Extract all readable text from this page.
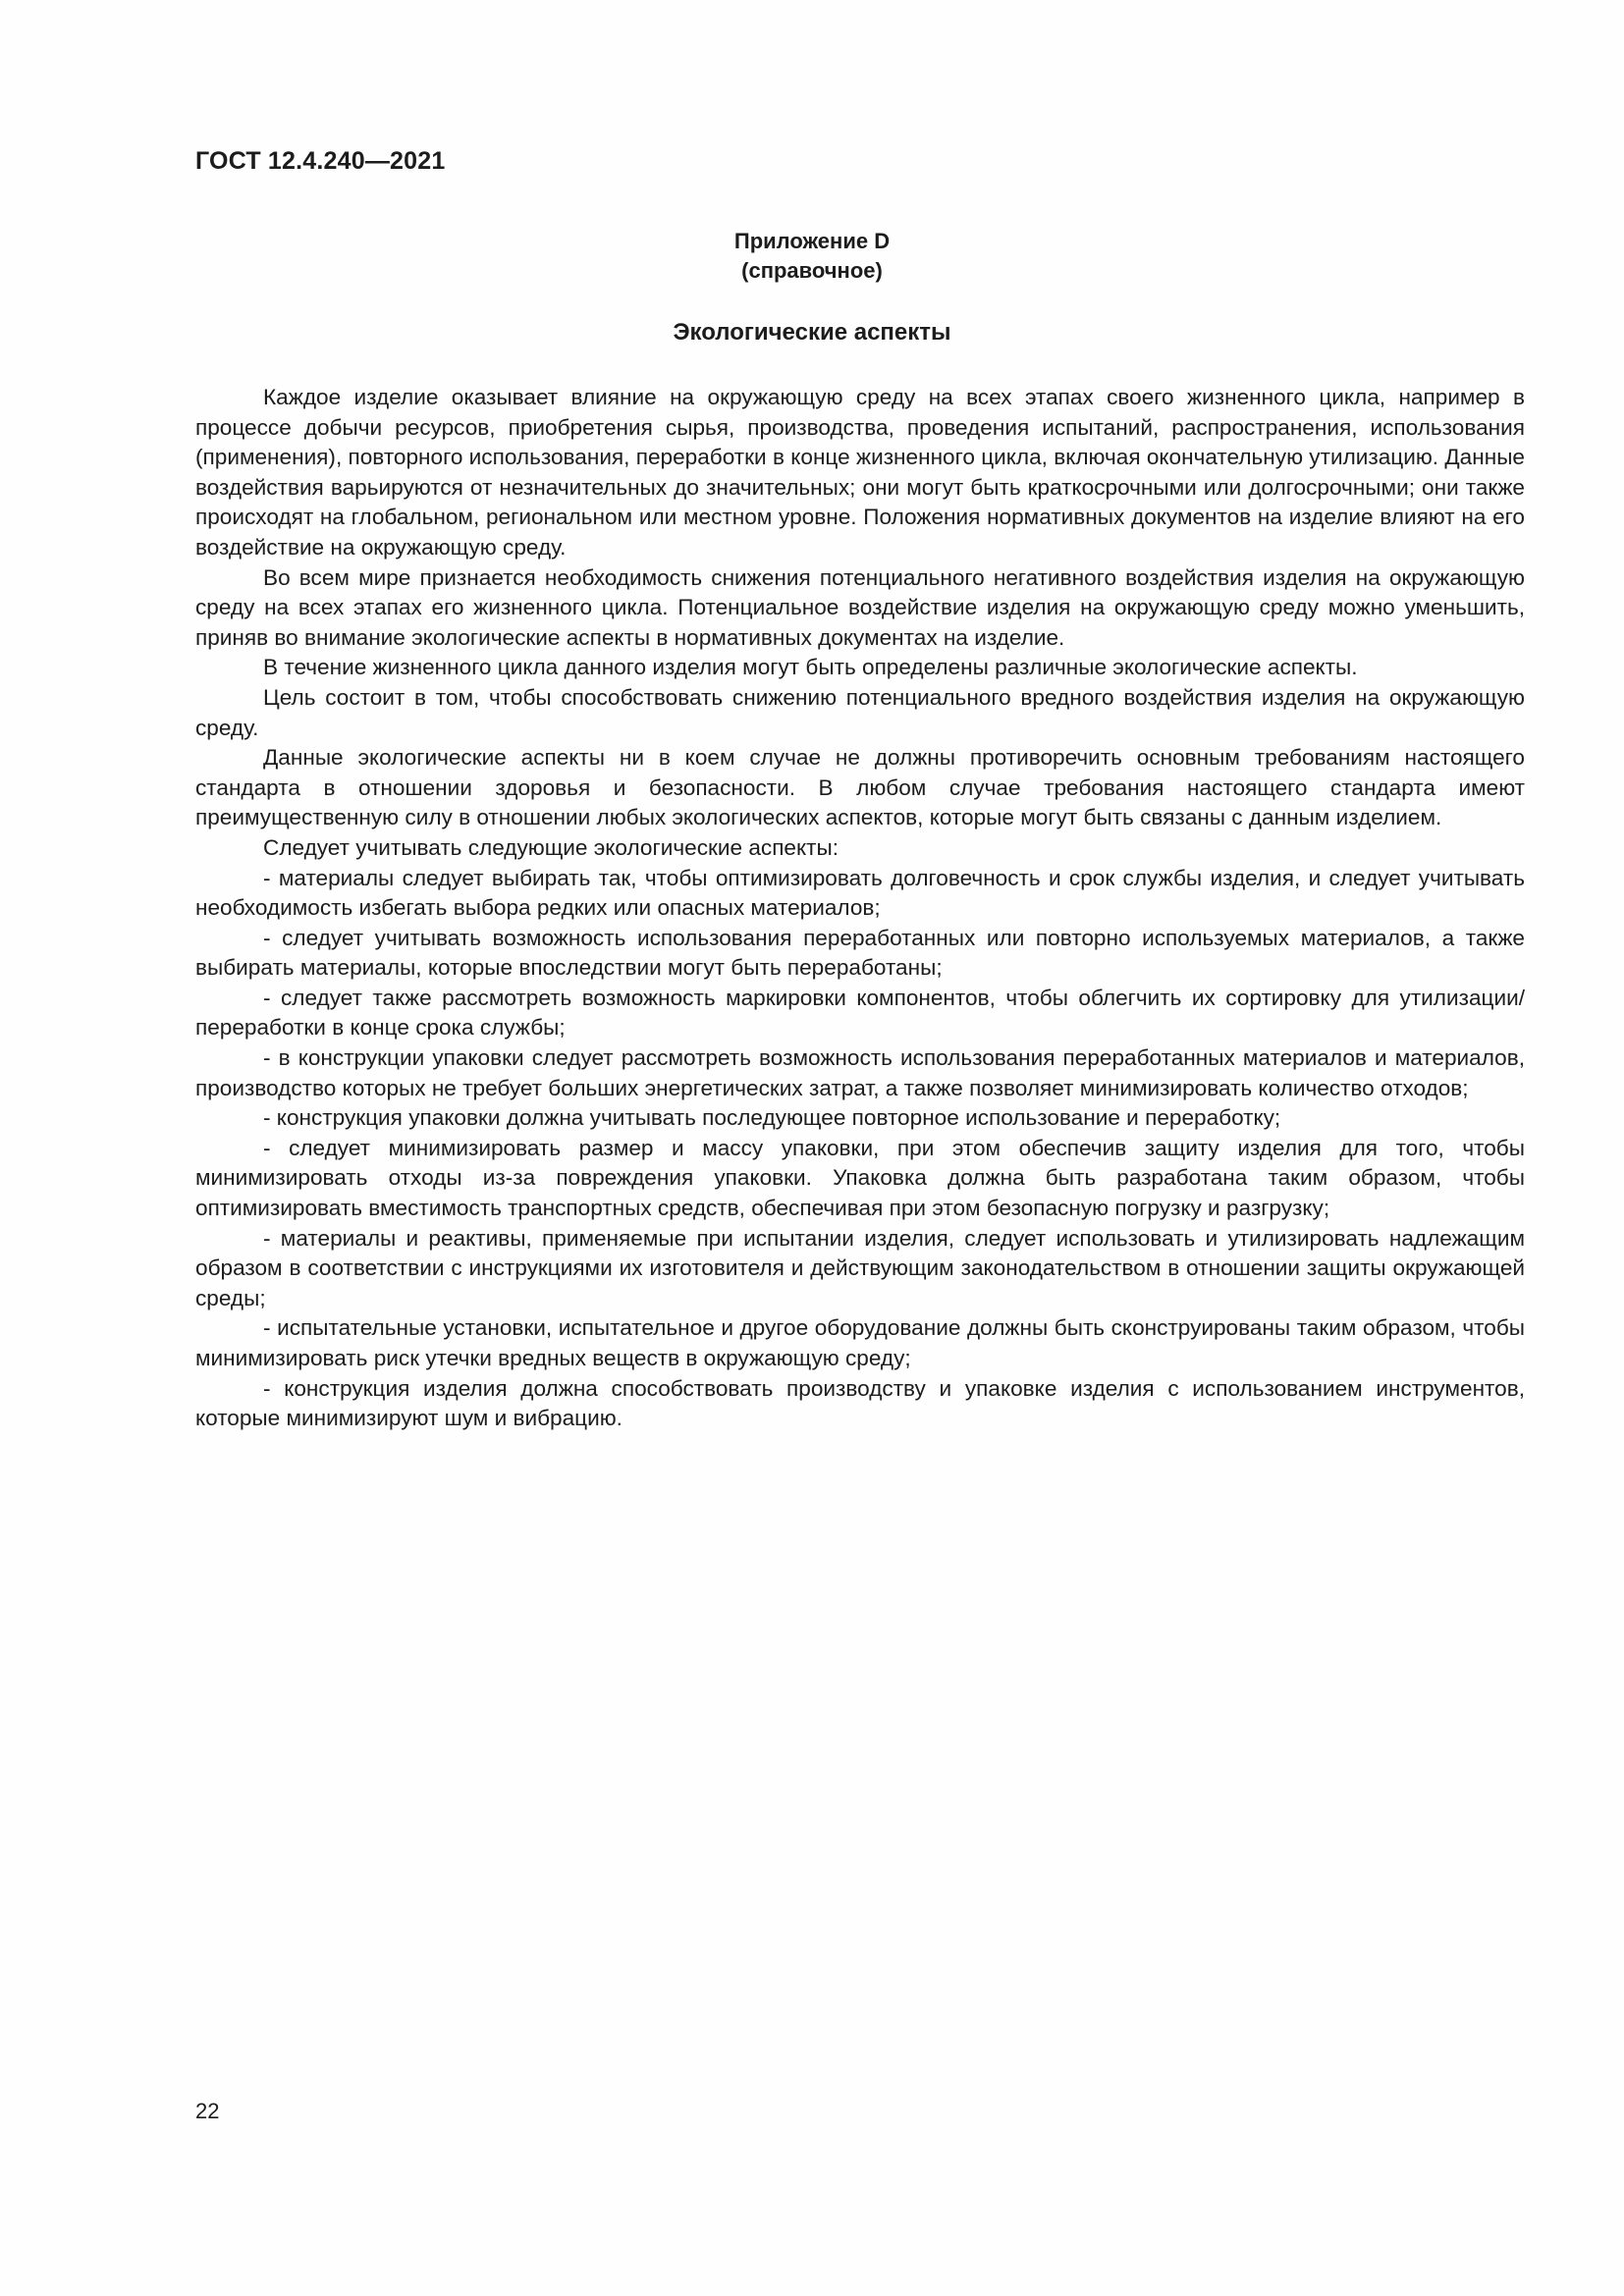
ГОСТ 12.4.240—2021
Приложение D
(справочное)
Экологические аспекты

Каждое изделие оказывает влияние на окружающую среду на всех этапах своего жизненного цикла, например в процессе добычи ресурсов, приобретения сырья, производства, проведения испытаний, распространения, использования (применения), повторного использования, переработки в конце жизненного цикла, включая окончательную утилизацию. Данные воздействия варьируются от незначительных до значительных; они могут быть краткосрочными или долгосрочными; они также происходят на глобальном, региональном или местном уровне. Положения нормативных документов на изделие влияют на его воздействие на окружающую среду.

Во всем мире признается необходимость снижения потенциального негативного воздействия изделия на окружающую среду на всех этапах его жизненного цикла. Потенциальное воздействие изделия на окружающую среду можно уменьшить, приняв во внимание экологические аспекты в нормативных документах на изделие.

В течение жизненного цикла данного изделия могут быть определены различные экологические аспекты.

Цель состоит в том, чтобы способствовать снижению потенциального вредного воздействия изделия на окружающую среду.

Данные экологические аспекты ни в коем случае не должны противоречить основным требованиям настоящего стандарта в отношении здоровья и безопасности. В любом случае требования настоящего стандарта имеют преимущественную силу в отношении любых экологических аспектов, которые могут быть связаны с данным изделием.

Следует учитывать следующие экологические аспекты:

- материалы следует выбирать так, чтобы оптимизировать долговечность и срок службы изделия, и следует учитывать необходимость избегать выбора редких или опасных материалов;

- следует учитывать возможность использования переработанных или повторно используемых материалов, а также выбирать материалы, которые впоследствии могут быть переработаны;

- следует также рассмотреть возможность маркировки компонентов, чтобы облегчить их сортировку для утилизации/переработки в конце срока службы;

- в конструкции упаковки следует рассмотреть возможность использования переработанных материалов и материалов, производство которых не требует больших энергетических затрат, а также позволяет минимизировать количество отходов;

- конструкция упаковки должна учитывать последующее повторное использование и переработку;

- следует минимизировать размер и массу упаковки, при этом обеспечив защиту изделия для того, чтобы минимизировать отходы из-за повреждения упаковки. Упаковка должна быть разработана таким образом, чтобы оптимизировать вместимость транспортных средств, обеспечивая при этом безопасную погрузку и разгрузку;

- материалы и реактивы, применяемые при испытании изделия, следует использовать и утилизировать надлежащим образом в соответствии с инструкциями их изготовителя и действующим законодательством в отношении защиты окружающей среды;

- испытательные установки, испытательное и другое оборудование должны быть сконструированы таким образом, чтобы минимизировать риск утечки вредных веществ в окружающую среду;

- конструкция изделия должна способствовать производству и упаковке изделия с использованием инструментов, которые минимизируют шум и вибрацию.

22
